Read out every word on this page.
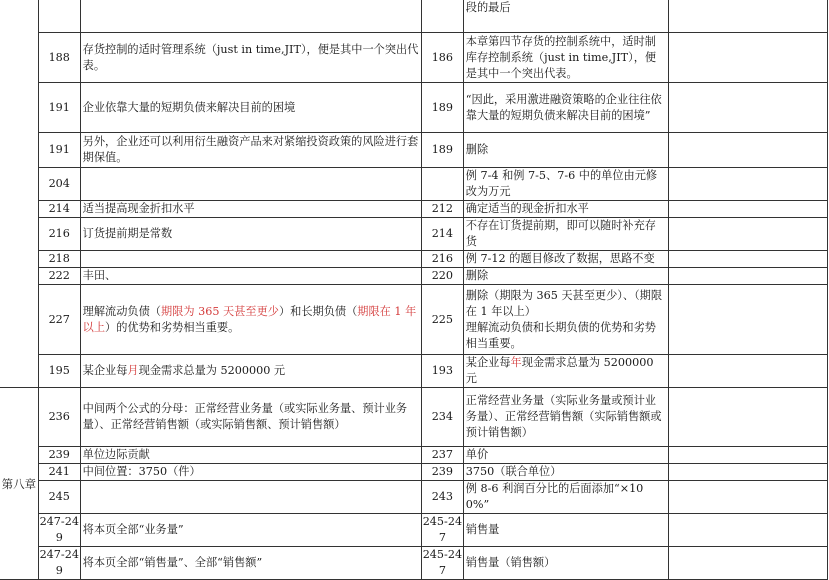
				段的最后	
	188	存货控制的适时管理系统（just in time,JIT），便是其中一个突出代表。	186	本章第四节存货的控制系统中，适时制库存控制系统（just in time,JIT），便是其中一个突出代表。	
	191	企业依靠大量的短期负债来解决目前的困境	189	“因此，采用激进融资策略的企业往往依靠大量的短期负债来解决目前的困境”	
	191	另外，企业还可以利用衍生融资产品来对紧缩投资政策的风险进行套期保值。	189	删除	
	204			例 7-4 和例 7-5、7-6 中的单位由元修改为万元	
	214	适当提高现金折扣水平	212	确定适当的现金折扣水平	
	216	订货提前期是常数	214	不存在订货提前期，即可以随时补充存货	
	218		216	例 7-12 的题目修改了数据，思路不变	
	222	丰田、	220	删除	
	227	理解流动负债（期限为 365 天甚至更少）和长期负债（期限在 1 年以上）的优势和劣势相当重要。	225	删除（期限为 365 天甚至更少）、（期限在 1 年以上）
理解流动负债和长期负债的优势和劣势相当重要。	
	195	某企业每月现金需求总量为 5200000 元	193	某企业每年现金需求总量为 5200000 元	
第八章	236	中间两个公式的分母：正常经营业务量（或实际业务量、预计业务量）、正常经营销售额（或实际销售额、预计销售额）	234	正常经营业务量（实际业务量或预计业务量）、正常经营销售额（实际销售额或预计销售额）	
	239	单位边际贡献	237	单价	
	241	中间位置：3750（件）	239	3750（联合单位）	
	245		243	例 8-6 利润百分比的后面添加“×100%”	
	247-249	将本页全部“业务量”	245-247	销售量	
	247-249	将本页全部“销售量”、全部“销售额”	245-247	销售量（销售额）	
